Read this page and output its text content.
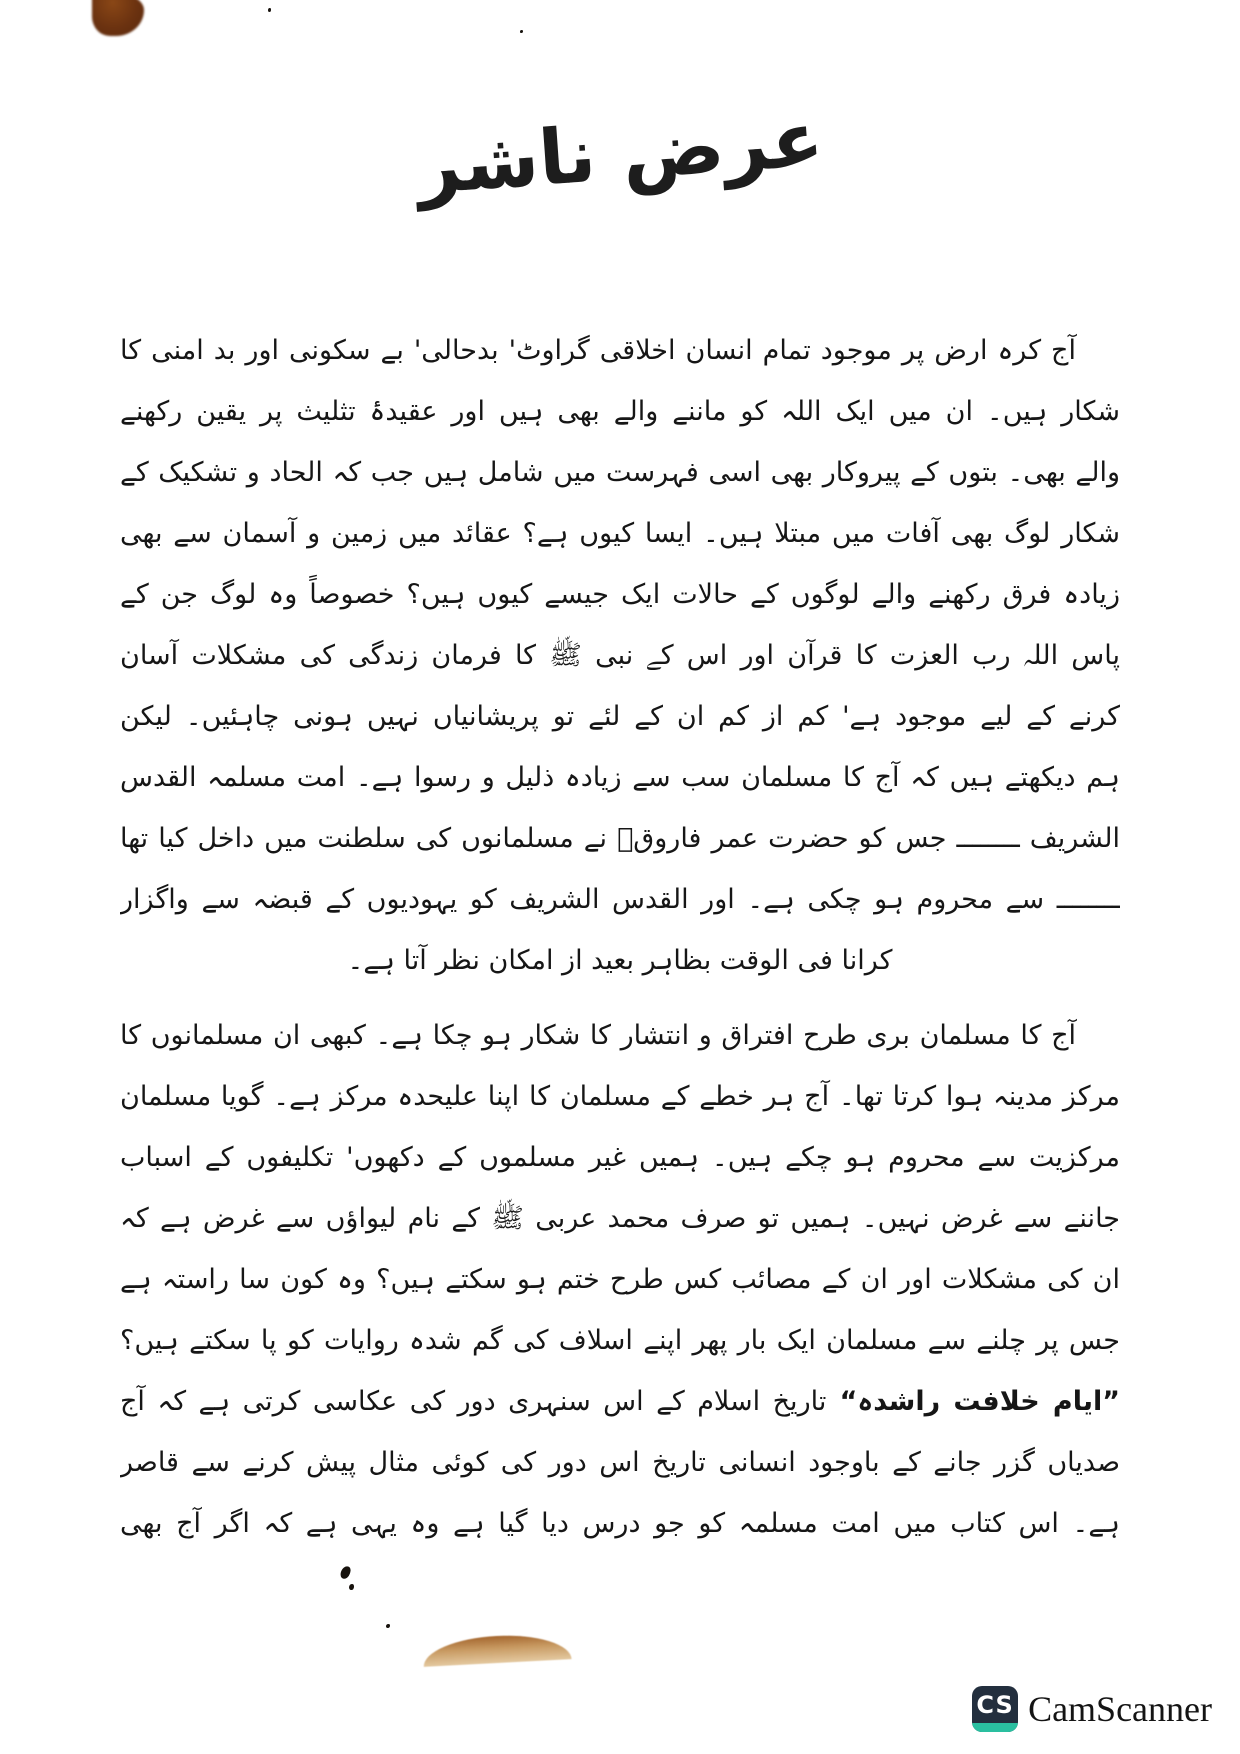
عرض ناشر
آج کرہ ارض پر موجود تمام انسان اخلاقی گراوٹ' بدحالی' بے سکونی اور بد امنی کا
شکار ہیں۔ ان میں ایک اللہ کو ماننے والے بھی ہیں اور عقیدۂ تثلیث پر یقین رکھنے
والے بھی۔ بتوں کے پیروکار بھی اسی فہرست میں شامل ہیں جب کہ الحاد و تشکیک کے
شکار لوگ بھی آفات میں مبتلا ہیں۔ ایسا کیوں ہے؟ عقائد میں زمین و آسمان سے بھی
زیادہ فرق رکھنے والے لوگوں کے حالات ایک جیسے کیوں ہیں؟ خصوصاً وہ لوگ جن کے
پاس اللہ رب العزت کا قرآن اور اس کے نبی ﷺ کا فرمان زندگی کی مشکلات آسان
کرنے کے لیے موجود ہے' کم از کم ان کے لئے تو پریشانیاں نہیں ہونی چاہئیں۔ لیکن
ہم دیکھتے ہیں کہ آج کا مسلمان سب سے زیادہ ذلیل و رسوا ہے۔ امت مسلمہ القدس
الشریف ــــــــ جس کو حضرت عمر فاروقؓ نے مسلمانوں کی سلطنت میں داخل کیا تھا
ــــــــ سے محروم ہو چکی ہے۔ اور القدس الشریف کو یہودیوں کے قبضہ سے واگزار
کرانا فی الوقت بظاہر بعید از امکان نظر آتا ہے۔
آج کا مسلمان بری طرح افتراق و انتشار کا شکار ہو چکا ہے۔ کبھی ان مسلمانوں کا
مرکز مدینہ ہوا کرتا تھا۔ آج ہر خطے کے مسلمان کا اپنا علیحدہ مرکز ہے۔ گویا مسلمان
مرکزیت سے محروم ہو چکے ہیں۔ ہمیں غیر مسلموں کے دکھوں' تکلیفوں کے اسباب
جاننے سے غرض نہیں۔ ہمیں تو صرف محمد عربی ﷺ کے نام لیواؤں سے غرض ہے کہ
ان کی مشکلات اور ان کے مصائب کس طرح ختم ہو سکتے ہیں؟ وہ کون سا راستہ ہے
جس پر چلنے سے مسلمان ایک بار پھر اپنے اسلاف کی گم شدہ روایات کو پا سکتے ہیں؟
”ایام خلافت راشدہ“ تاریخ اسلام کے اس سنہری دور کی عکاسی کرتی ہے کہ آج
صدیاں گزر جانے کے باوجود انسانی تاریخ اس دور کی کوئی مثال پیش کرنے سے قاصر
ہے۔ اس کتاب میں امت مسلمہ کو جو درس دیا گیا ہے وہ یہی ہے کہ اگر آج بھی
CS CamScanner
